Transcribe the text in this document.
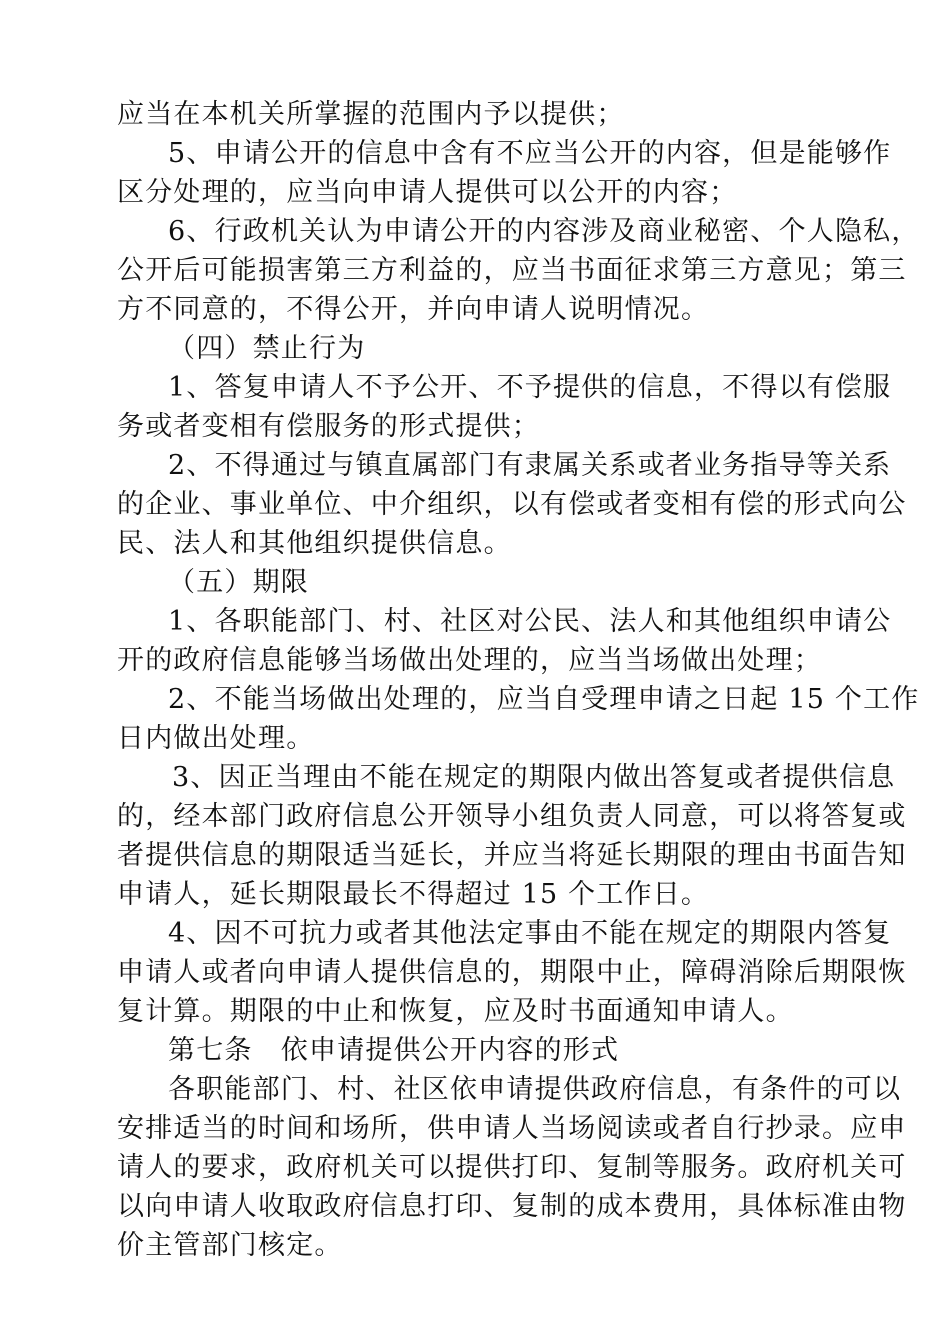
应当在本机关所掌握的范围内予以提供；
5、申请公开的信息中含有不应当公开的内容，但是能够作
区分处理的，应当向申请人提供可以公开的内容；
6、行政机关认为申请公开的内容涉及商业秘密、个人隐私，
公开后可能损害第三方利益的，应当书面征求第三方意见；第三
方不同意的，不得公开，并向申请人说明情况。
（四）禁止行为
1、答复申请人不予公开、不予提供的信息，不得以有偿服
务或者变相有偿服务的形式提供；
2、不得通过与镇直属部门有隶属关系或者业务指导等关系
的企业、事业单位、中介组织，以有偿或者变相有偿的形式向公
民、法人和其他组织提供信息。
（五）期限
1、各职能部门、村、社区对公民、法人和其他组织申请公
开的政府信息能够当场做出处理的，应当当场做出处理；
2、不能当场做出处理的，应当自受理申请之日起 15 个工作
日内做出处理。
3、因正当理由不能在规定的期限内做出答复或者提供信息
的，经本部门政府信息公开领导小组负责人同意，可以将答复或
者提供信息的期限适当延长，并应当将延长期限的理由书面告知
申请人，延长期限最长不得超过 15 个工作日。
4、因不可抗力或者其他法定事由不能在规定的期限内答复
申请人或者向申请人提供信息的，期限中止，障碍消除后期限恢
复计算。期限的中止和恢复，应及时书面通知申请人。
第七条　依申请提供公开内容的形式
各职能部门、村、社区依申请提供政府信息，有条件的可以
安排适当的时间和场所，供申请人当场阅读或者自行抄录。应申
请人的要求，政府机关可以提供打印、复制等服务。政府机关可
以向申请人收取政府信息打印、复制的成本费用，具体标准由物
价主管部门核定。
